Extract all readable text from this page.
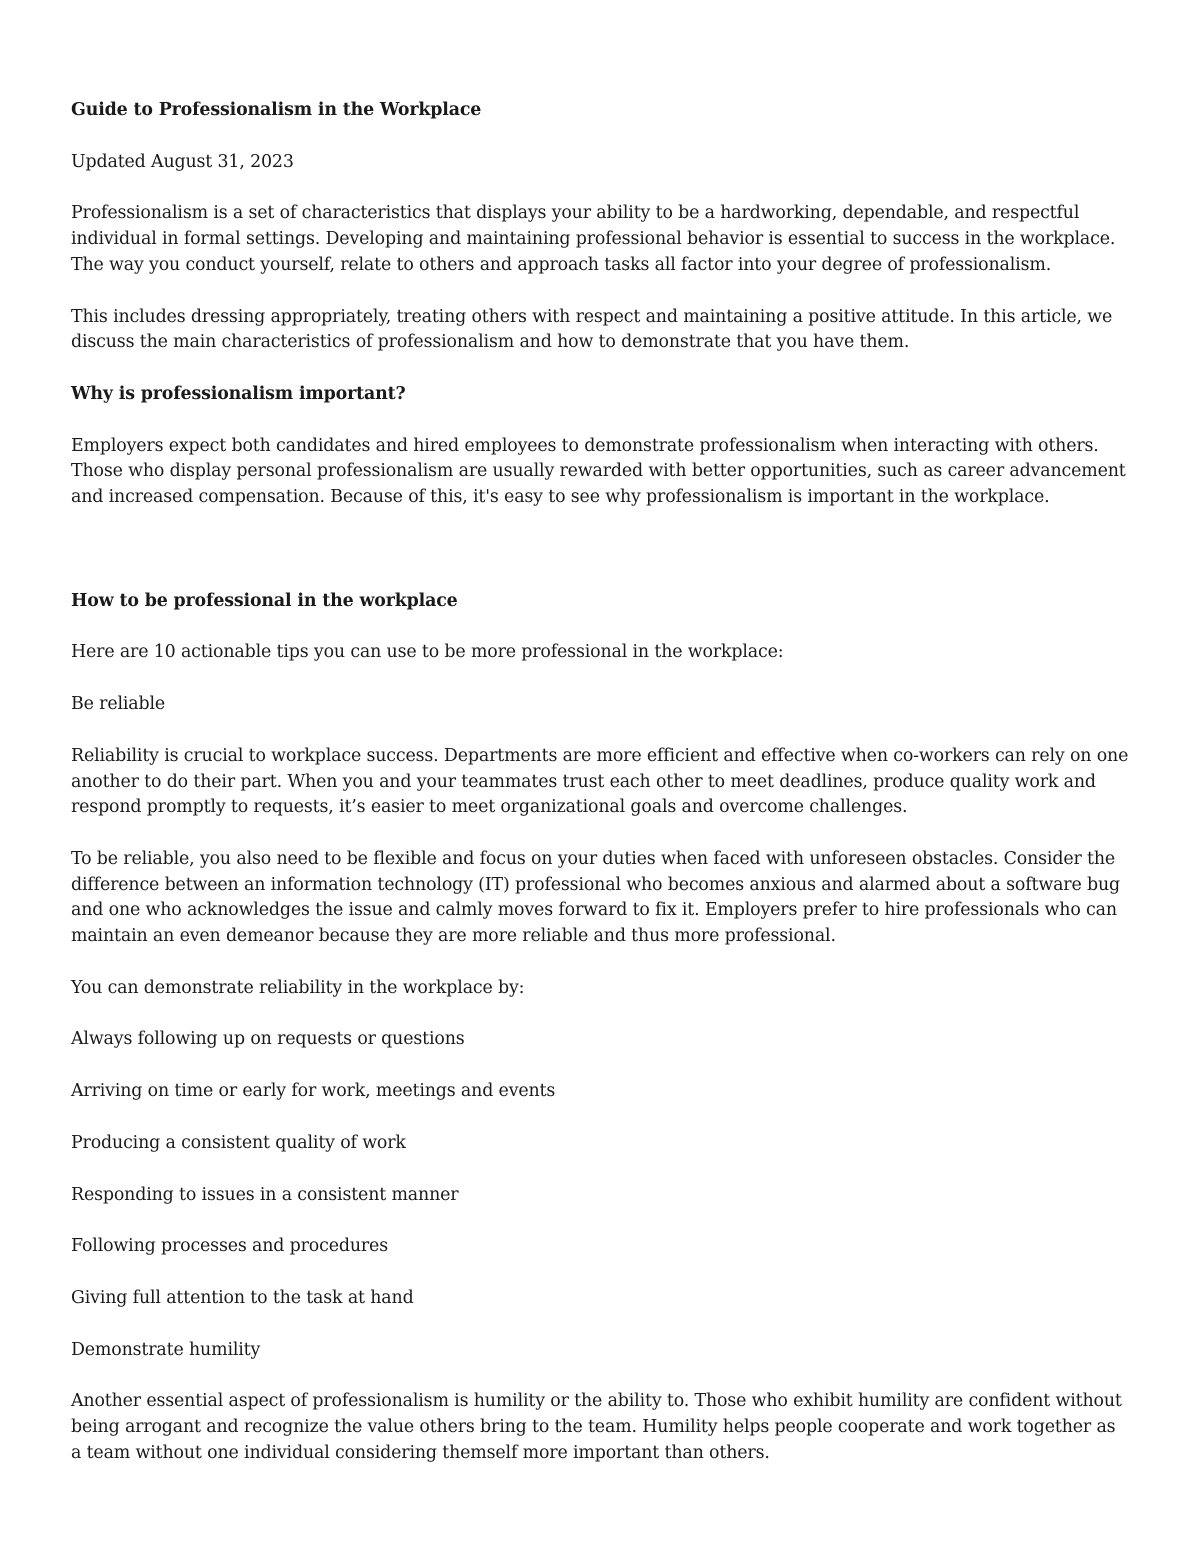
Guide to Professionalism in the Workplace

Updated August 31, 2023

Professionalism is a set of characteristics that displays your ability to be a hardworking, dependable, and respectful individual in formal settings. Developing and maintaining professional behavior is essential to success in the workplace. The way you conduct yourself, relate to others and approach tasks all factor into your degree of professionalism.

This includes dressing appropriately, treating others with respect and maintaining a positive attitude. In this article, we discuss the main characteristics of professionalism and how to demonstrate that you have them.

Why is professionalism important?

Employers expect both candidates and hired employees to demonstrate professionalism when interacting with others. Those who display personal professionalism are usually rewarded with better opportunities, such as career advancement and increased compensation. Because of this, it's easy to see why professionalism is important in the workplace.

How to be professional in the workplace

Here are 10 actionable tips you can use to be more professional in the workplace:

Be reliable

Reliability is crucial to workplace success. Departments are more efficient and effective when co-workers can rely on one another to do their part. When you and your teammates trust each other to meet deadlines, produce quality work and respond promptly to requests, it’s easier to meet organizational goals and overcome challenges.

To be reliable, you also need to be flexible and focus on your duties when faced with unforeseen obstacles. Consider the difference between an information technology (IT) professional who becomes anxious and alarmed about a software bug and one who acknowledges the issue and calmly moves forward to fix it. Employers prefer to hire professionals who can maintain an even demeanor because they are more reliable and thus more professional.

You can demonstrate reliability in the workplace by:

Always following up on requests or questions

Arriving on time or early for work, meetings and events

Producing a consistent quality of work

Responding to issues in a consistent manner

Following processes and procedures

Giving full attention to the task at hand

Demonstrate humility

Another essential aspect of professionalism is humility or the ability to. Those who exhibit humility are confident without being arrogant and recognize the value others bring to the team. Humility helps people cooperate and work together as a team without one individual considering themself more important than others.
